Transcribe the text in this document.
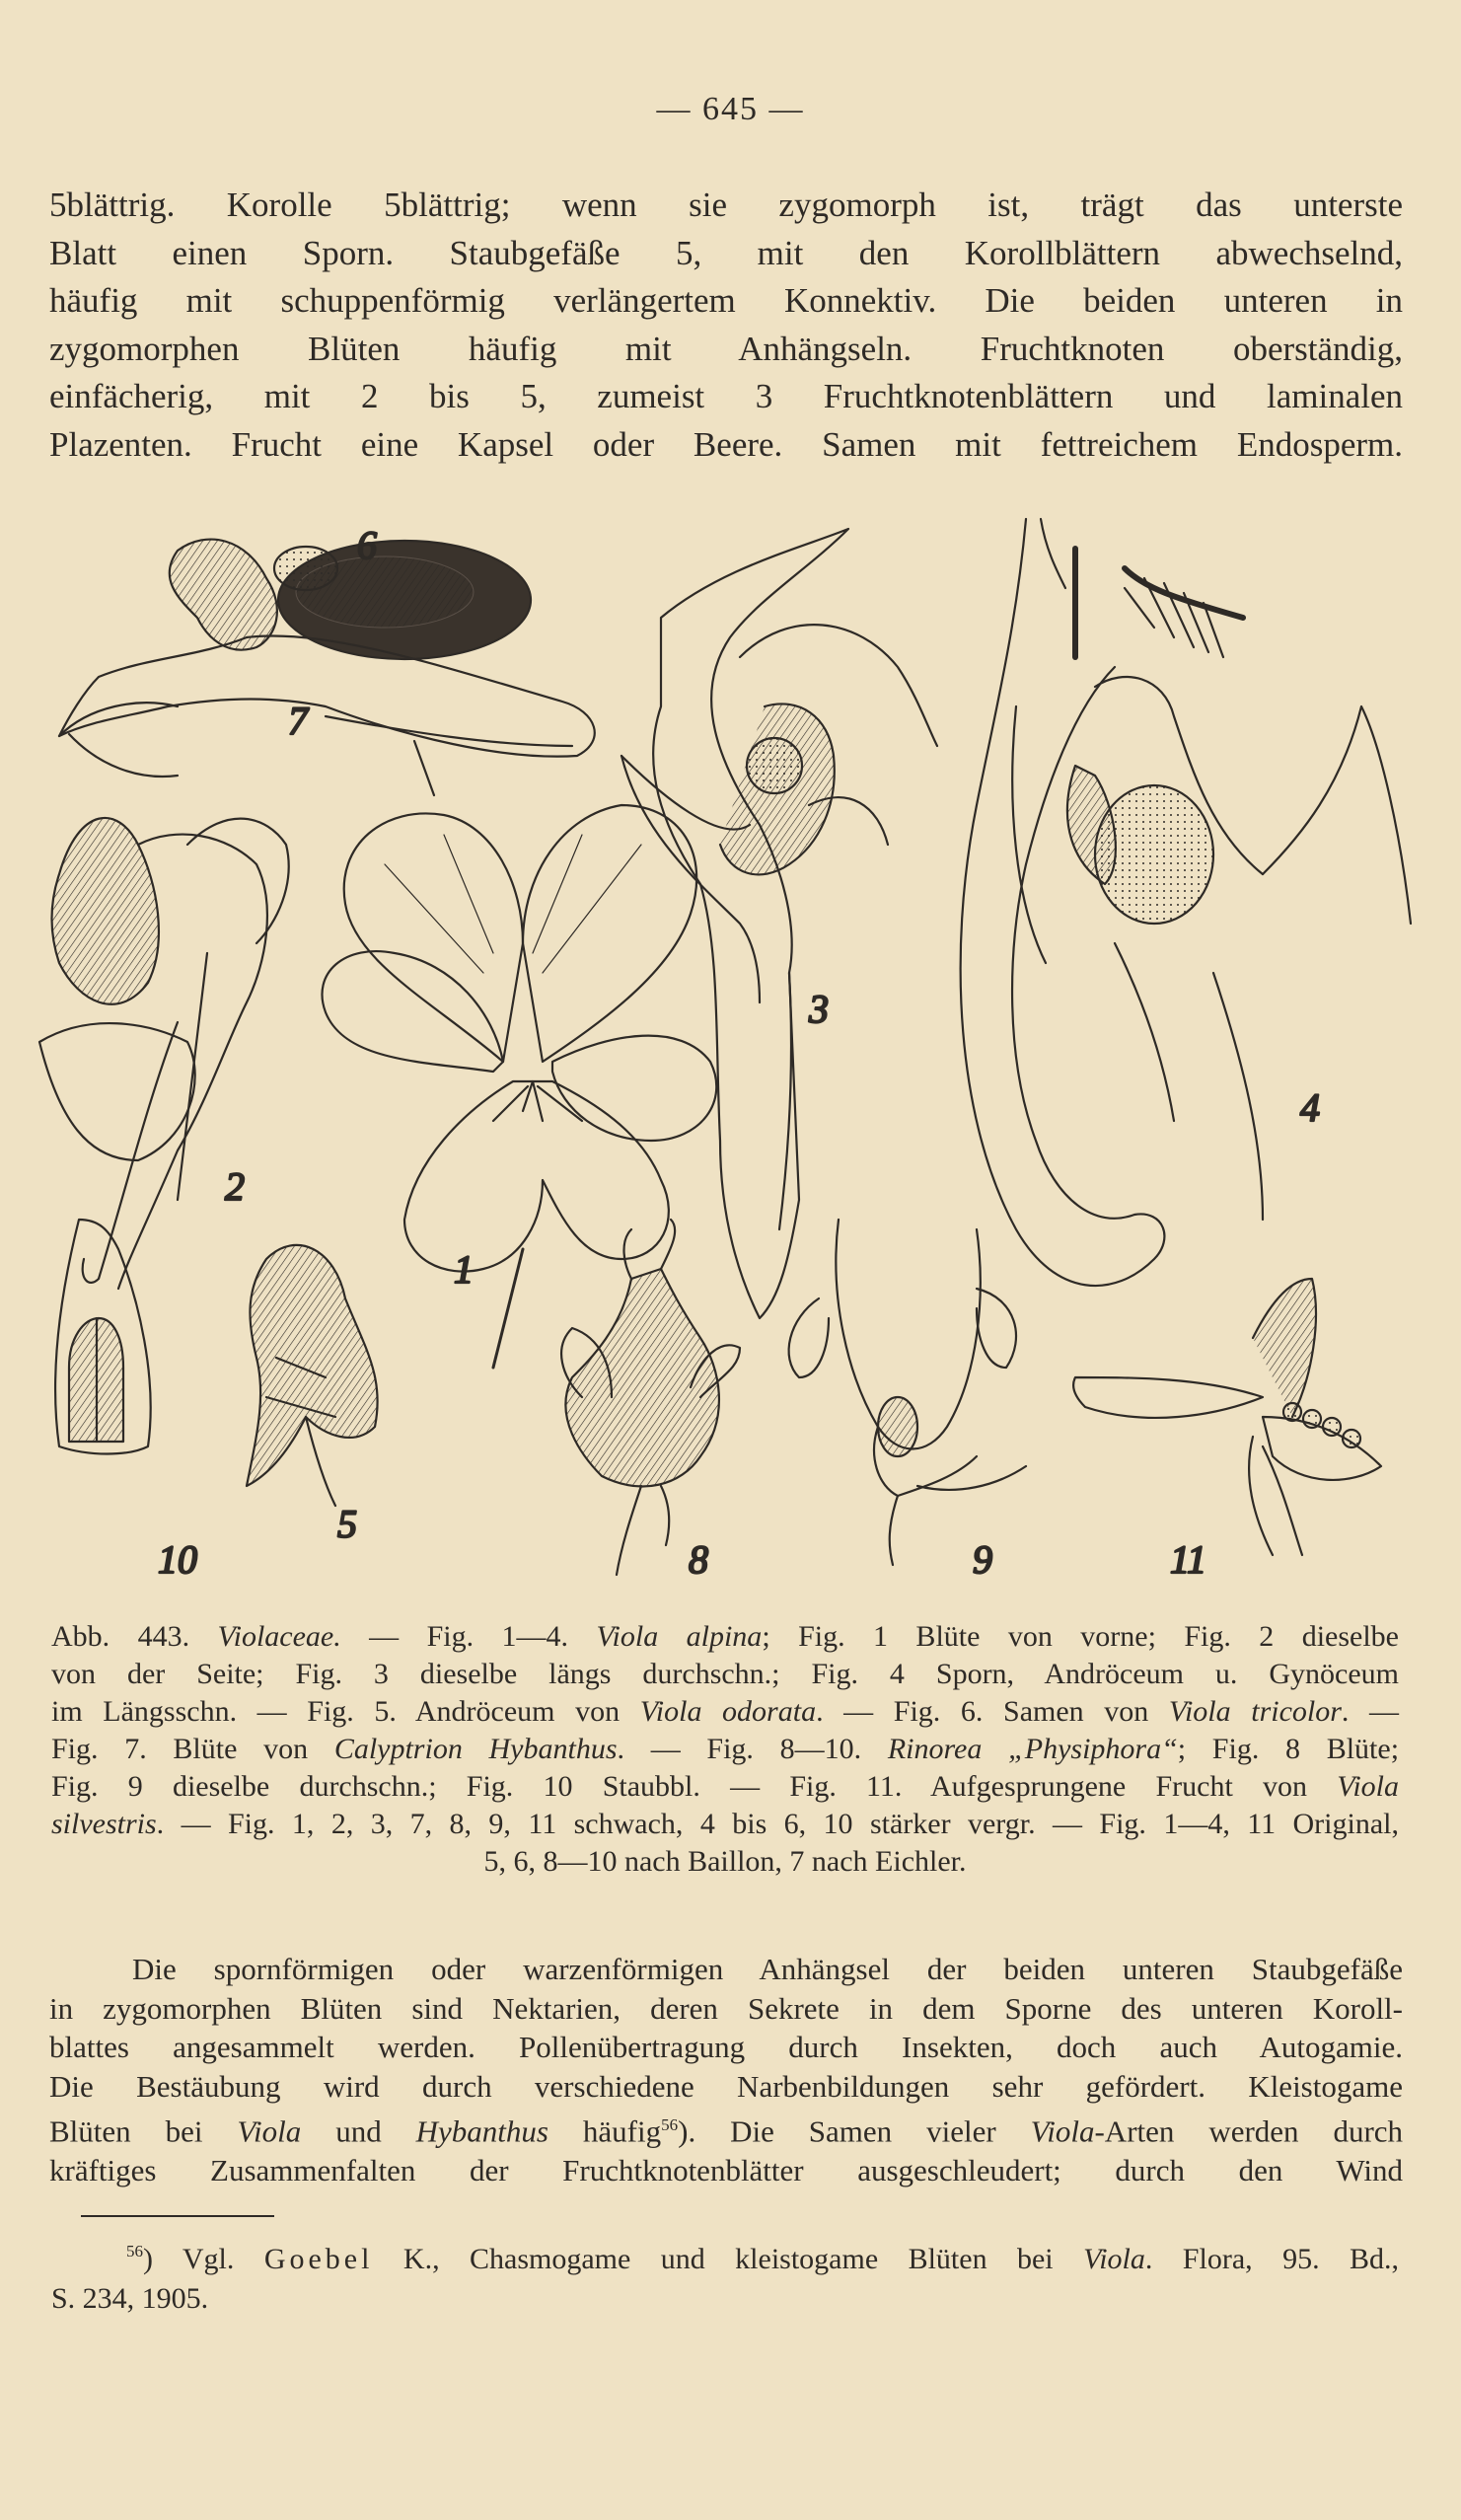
— 645 —
5blättrig. Korolle 5blättrig; wenn sie zygomorph ist, trägt das unterste
Blatt einen Sporn. Staubgefäße 5, mit den Korollblättern abwechselnd,
häufig mit schuppenförmig verlängertem Konnektiv. Die beiden unteren in
zygomorphen Blüten häufig mit Anhängseln. Fruchtknoten oberständig,
einfächerig, mit 2 bis 5, zumeist 3 Fruchtknotenblättern und laminalen
Plazenten. Frucht eine Kapsel oder Beere. Samen mit fettreichem Endosperm.
6
7
3
4
2
1
5
8	9
10	11
Abb. 443. Violaceae. — Fig. 1—4. Viola alpina; Fig. 1 Blüte von vorne; Fig. 2 dieselbe
von der Seite; Fig. 3 dieselbe längs durchschn.; Fig. 4 Sporn, Andröceum u. Gynöceum
im Längsschn. — Fig. 5. Andröceum von Viola odorata. — Fig. 6. Samen von Viola tricolor. —
Fig. 7. Blüte von Calyptrion Hybanthus. — Fig. 8—10. Rinorea „Physiphora“; Fig. 8 Blüte;
Fig. 9 dieselbe durchschn.; Fig. 10 Staubbl. — Fig. 11. Aufgesprungene Frucht von Viola
silvestris. — Fig. 1, 2, 3, 7, 8, 9, 11 schwach, 4 bis 6, 10 stärker vergr. — Fig. 1—4, 11 Original,
5, 6, 8—10 nach Baillon, 7 nach Eichler.
Die spornförmigen oder warzenförmigen Anhängsel der beiden unteren Staubgefäße
in zygomorphen Blüten sind Nektarien, deren Sekrete in dem Sporne des unteren Koroll-
blattes angesammelt werden. Pollenübertragung durch Insekten, doch auch Autogamie.
Die Bestäubung wird durch verschiedene Narbenbildungen sehr gefördert. Kleistogame
Blüten bei Viola und Hybanthus häufig$^{56}$). Die Samen vieler Viola-Arten werden durch
kräftiges Zusammenfalten der Fruchtknotenblätter ausgeschleudert; durch den Wind
$^{56}$) Vgl. Goebel K., Chasmogame und kleistogame Blüten bei Viola. Flora, 95. Bd.,
S. 234, 1905.
